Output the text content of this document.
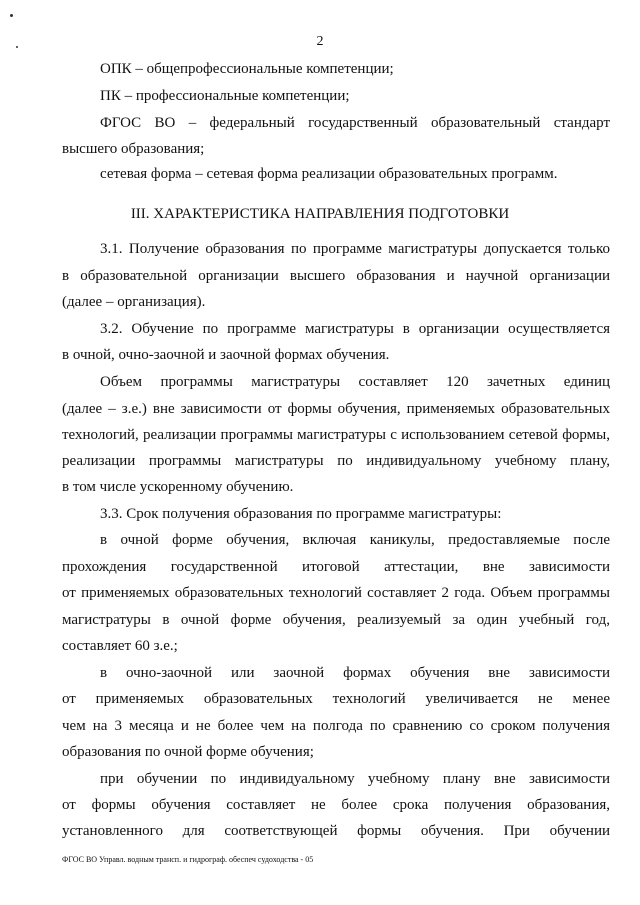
2
ОПК – общепрофессиональные компетенции;
ПК – профессиональные компетенции;
ФГОС ВО – федеральный государственный образовательный стандарт
высшего образования;
сетевая форма – сетевая форма реализации образовательных программ.
III. ХАРАКТЕРИСТИКА НАПРАВЛЕНИЯ ПОДГОТОВКИ
3.1. Получение образования по программе магистратуры допускается только
в образовательной организации высшего образования и научной организации
(далее – организация).
3.2. Обучение по программе магистратуры в организации осуществляется
в очной, очно-заочной и заочной формах обучения.
Объем программы магистратуры составляет 120 зачетных единиц
(далее – з.е.) вне зависимости от формы обучения, применяемых образовательных
технологий, реализации программы магистратуры с использованием сетевой формы,
реализации программы магистратуры по индивидуальному учебному плану,
в том числе ускоренному обучению.
3.3. Срок получения образования по программе магистратуры:
в очной форме обучения, включая каникулы, предоставляемые после
прохождения государственной итоговой аттестации, вне зависимости
от применяемых образовательных технологий составляет 2 года. Объем программы
магистратуры в очной форме обучения, реализуемый за один учебный год,
составляет 60 з.е.;
в очно-заочной или заочной формах обучения вне зависимости
от применяемых образовательных технологий увеличивается не менее
чем на 3 месяца и не более чем на полгода по сравнению со сроком получения
образования по очной форме обучения;
при обучении по индивидуальному учебному плану вне зависимости
от формы обучения составляет не более срока получения образования,
установленного для соответствующей формы обучения. При обучении
ФГОС ВО Управл. водным трансп. и гидрограф. обеспеч судоходства - 05
